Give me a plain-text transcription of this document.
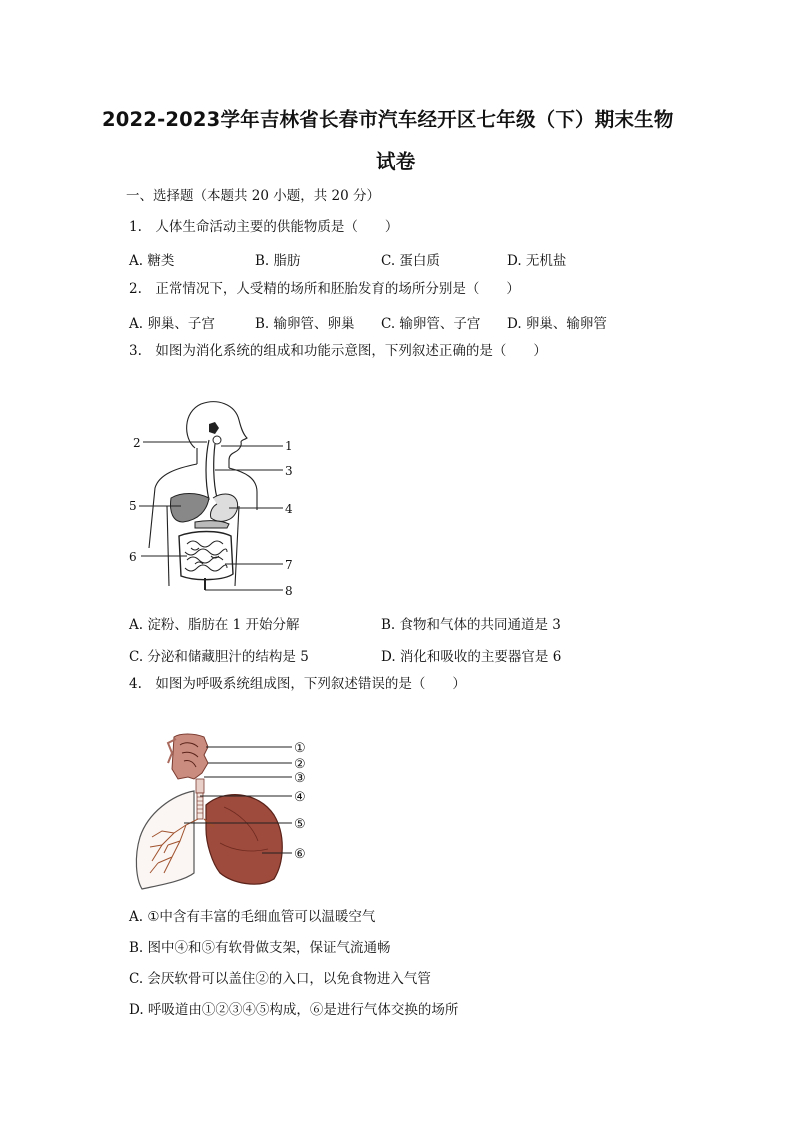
2022-2023学年吉林省长春市汽车经开区七年级（下）期末生物
试卷
一、选择题（本题共 20 小题，共 20 分）
1.　人体生命活动主要的供能物质是（　　）
A. 糖类	B. 脂肪	C. 蛋白质	D. 无机盐
2.　正常情况下，人受精的场所和胚胎发育的场所分别是（　　）
A. 卵巢、子宫	B. 输卵管、卵巢 C. 输卵管、子宫 D. 卵巢、输卵管
3.　如图为消化系统的组成和功能示意图，下列叙述正确的是（　　）
1
2
3
4
5
6
7
8
A. 淀粉、脂肪在 1 开始分解	B. 食物和气体的共同通道是 3
C. 分泌和储藏胆汁的结构是 5	D. 消化和吸收的主要器官是 6
4.　如图为呼吸系统组成图，下列叙述错误的是（　　）
①
②
③
④
⑤
⑥
A. ①中含有丰富的毛细血管可以温暖空气
B. 图中④和⑤有软骨做支架，保证气流通畅
C. 会厌软骨可以盖住②的入口，以免食物进入气管
D. 呼吸道由①②③④⑤构成，⑥是进行气体交换的场所
